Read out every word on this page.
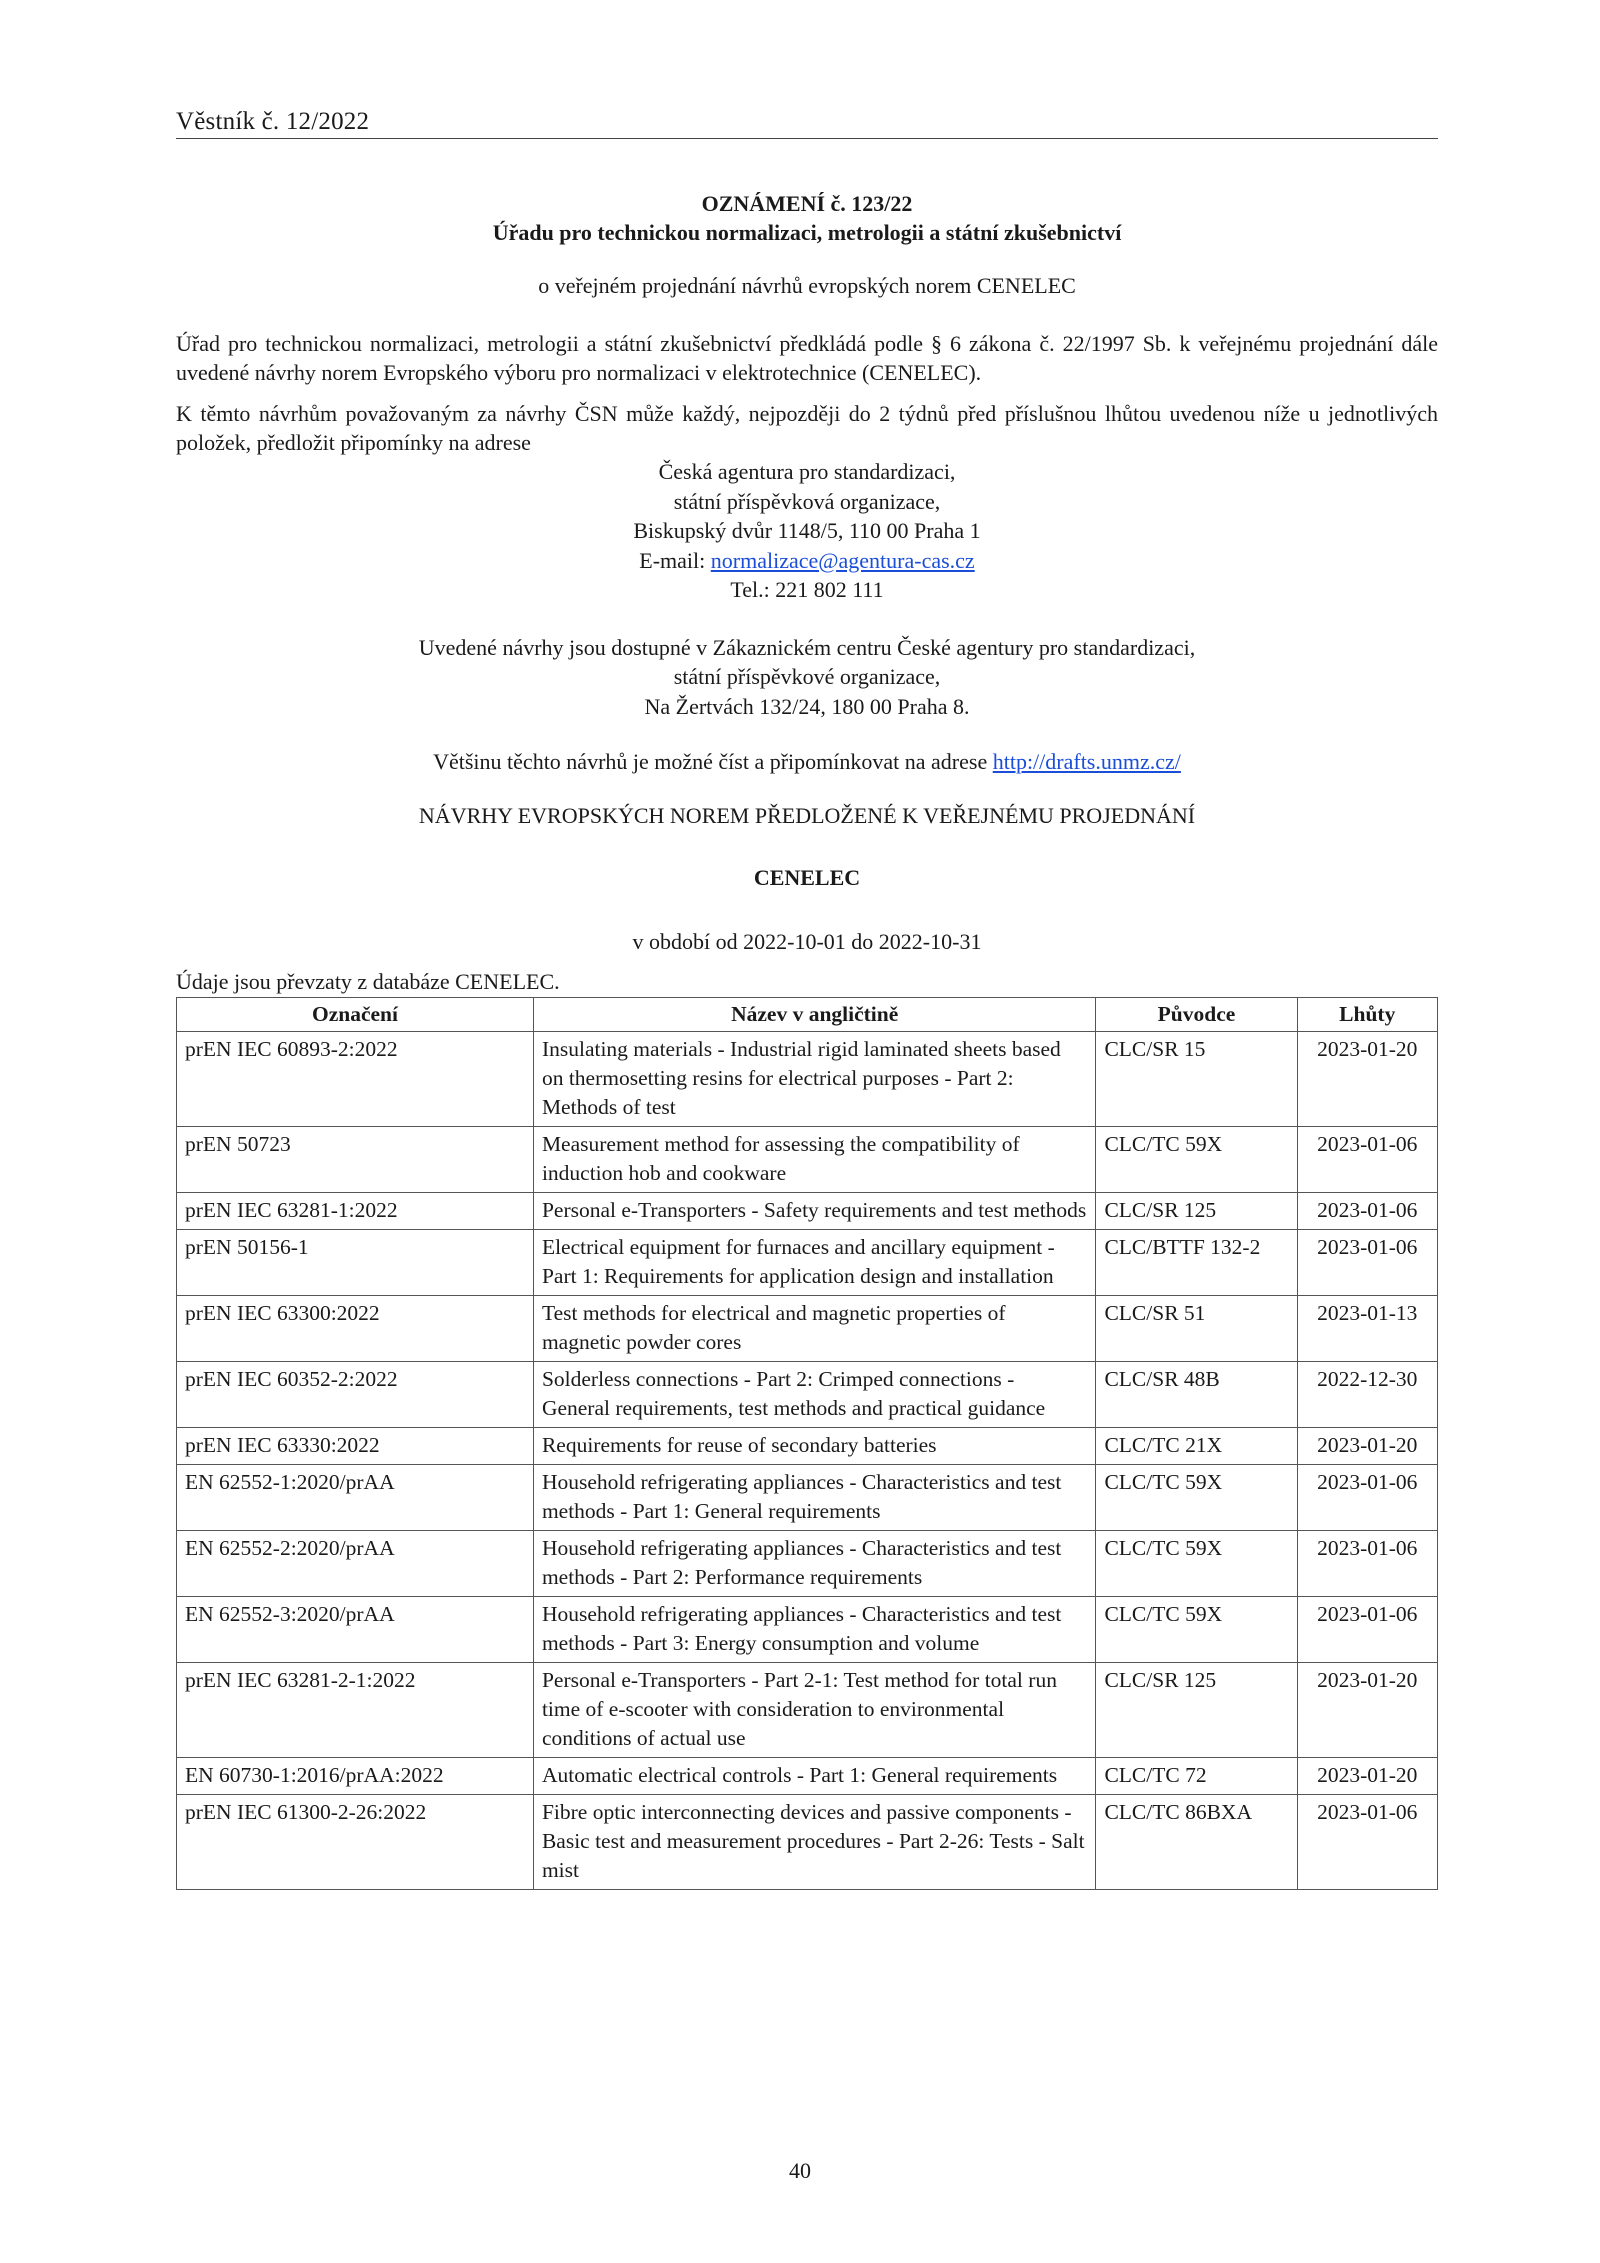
Věstník č. 12/2022
OZNÁMENÍ č. 123/22
Úřadu pro technickou normalizaci, metrologii a státní zkušebnictví
o veřejném projednání návrhů evropských norem CENELEC

Úřad pro technickou normalizaci, metrologii a státní zkušebnictví předkládá podle § 6 zákona č. 22/1997 Sb. k veřejnému projednání dále uvedené návrhy norem Evropského výboru pro normalizaci v elektrotechnice (CENELEC).

K těmto návrhům považovaným za návrhy ČSN může každý, nejpozději do 2 týdnů před příslušnou lhůtou uvedenou níže u jednotlivých položek, předložit připomínky na adrese

Česká agentura pro standardizaci,
státní příspěvková organizace,
Biskupský dvůr 1148/5, 110 00 Praha 1
E-mail: normalizace@agentura-cas.cz
Tel.: 221 802 111
Uvedené návrhy jsou dostupné v Zákaznickém centru České agentury pro standardizaci,
státní příspěvkové organizace,
Na Žertvách 132/24, 180 00 Praha 8.
Většinu těchto návrhů je možné číst a připomínkovat na adrese http://drafts.unmz.cz/
NÁVRHY EVROPSKÝCH NOREM PŘEDLOŽENÉ K VEŘEJNÉMU PROJEDNÁNÍ
CENELEC
v období od 2022-10-01 do 2022-10-31
Údaje jsou převzaty z databáze CENELEC.
Označení	Název v angličtině	Původce	Lhůty
prEN IEC 60893-2:2022	Insulating materials - Industrial rigid laminated sheets based on thermosetting resins for electrical purposes - Part 2: Methods of test	CLC/SR 15	2023-01-20
prEN 50723	Measurement method for assessing the compatibility of induction hob and cookware	CLC/TC 59X	2023-01-06
prEN IEC 63281-1:2022	Personal e-Transporters - Safety requirements and test methods	CLC/SR 125	2023-01-06
prEN 50156-1	Electrical equipment for furnaces and ancillary equipment - Part 1: Requirements for application design and installation	CLC/BTTF 132-2	2023-01-06
prEN IEC 63300:2022	Test methods for electrical and magnetic properties of magnetic powder cores	CLC/SR 51	2023-01-13
prEN IEC 60352-2:2022	Solderless connections - Part 2: Crimped connections - General requirements, test methods and practical guidance	CLC/SR 48B	2022-12-30
prEN IEC 63330:2022	Requirements for reuse of secondary batteries	CLC/TC 21X	2023-01-20
EN 62552-1:2020/prAA	Household refrigerating appliances - Characteristics and test methods - Part 1: General requirements	CLC/TC 59X	2023-01-06
EN 62552-2:2020/prAA	Household refrigerating appliances - Characteristics and test methods - Part 2: Performance requirements	CLC/TC 59X	2023-01-06
EN 62552-3:2020/prAA	Household refrigerating appliances - Characteristics and test methods - Part 3: Energy consumption and volume	CLC/TC 59X	2023-01-06
prEN IEC 63281-2-1:2022	Personal e-Transporters - Part 2-1: Test method for total run time of e-scooter with consideration to environmental conditions of actual use	CLC/SR 125	2023-01-20
EN 60730-1:2016/prAA:2022	Automatic electrical controls - Part 1: General requirements	CLC/TC 72	2023-01-20
prEN IEC 61300-2-26:2022	Fibre optic interconnecting devices and passive components - Basic test and measurement procedures - Part 2-26: Tests - Salt mist	CLC/TC 86BXA	2023-01-06
40
